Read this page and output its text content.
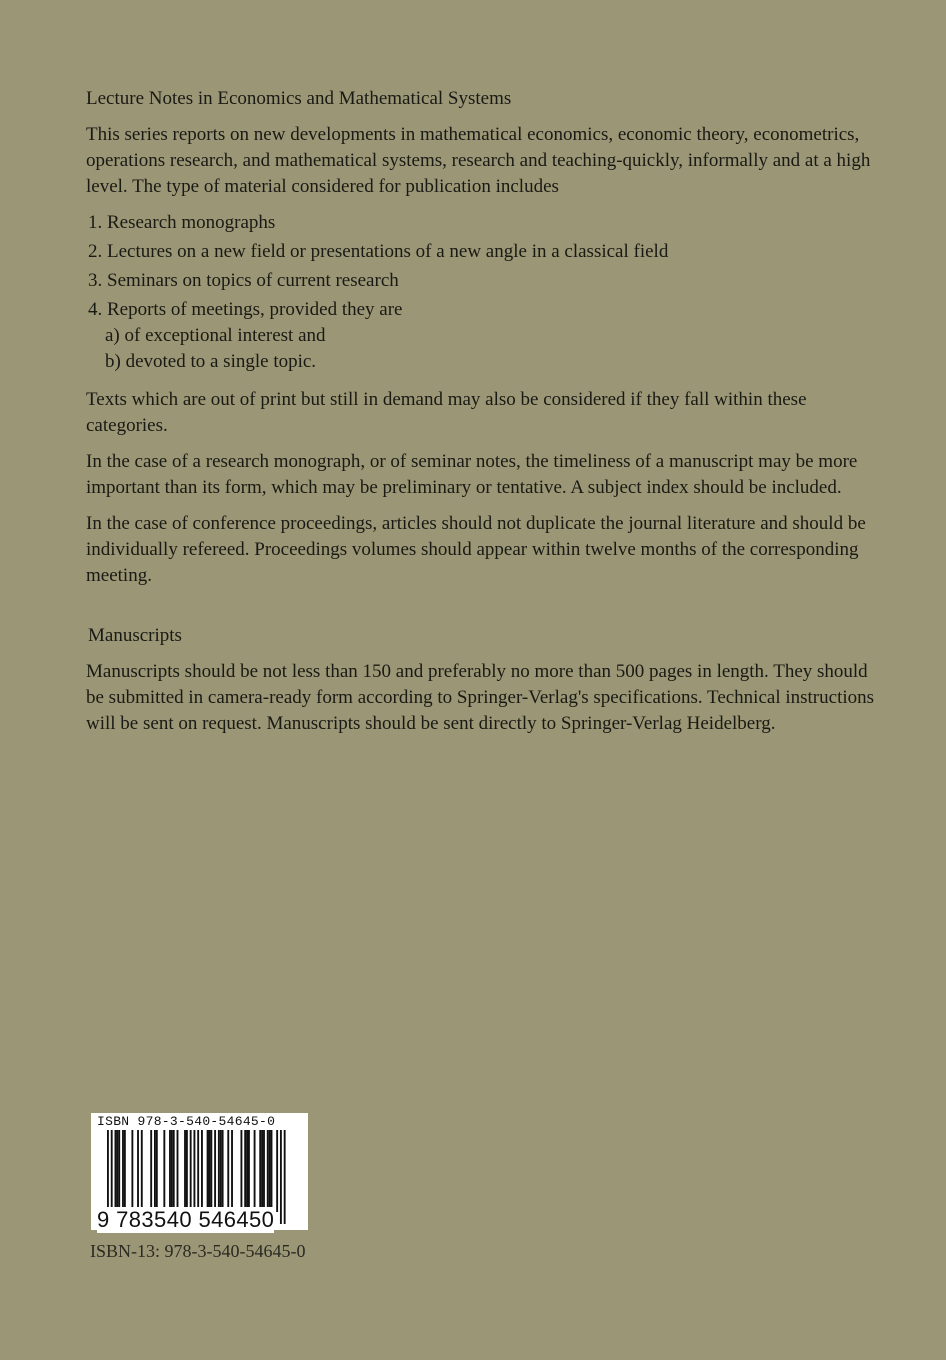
Lecture Notes in Economics and Mathematical Systems

This series reports on new developments in mathematical economics, economic theory, econometrics, operations research, and mathematical systems, research and teaching-quickly, informally and at a high level. The type of material considered for publication includes

1. Research monographs
2. Lectures on a new field or presentations of a new angle in a classical field
3. Seminars on topics of current research
4. Reports of meetings, provided they are
a) of exceptional interest and
b) devoted to a single topic.

Texts which are out of print but still in demand may also be considered if they fall within these categories.

In the case of a research monograph, or of seminar notes, the timeliness of a manuscript may be more important than its form, which may be preliminary or tentative. A subject index should be included.

In the case of conference proceedings, articles should not duplicate the journal literature and should be individually refereed. Proceedings volumes should appear within twelve months of the corresponding meeting.

Manuscripts

Manuscripts should be not less than 150 and preferably no more than 500 pages in length. They should be submitted in camera-ready form according to Springer-Verlag's specifications. Technical instructions will be sent on request. Manuscripts should be sent directly to Springer-Verlag Heidelberg.

ISBN 978-3-540-54645-0
9 783540 546450
ISBN-13: 978-3-540-54645-0
